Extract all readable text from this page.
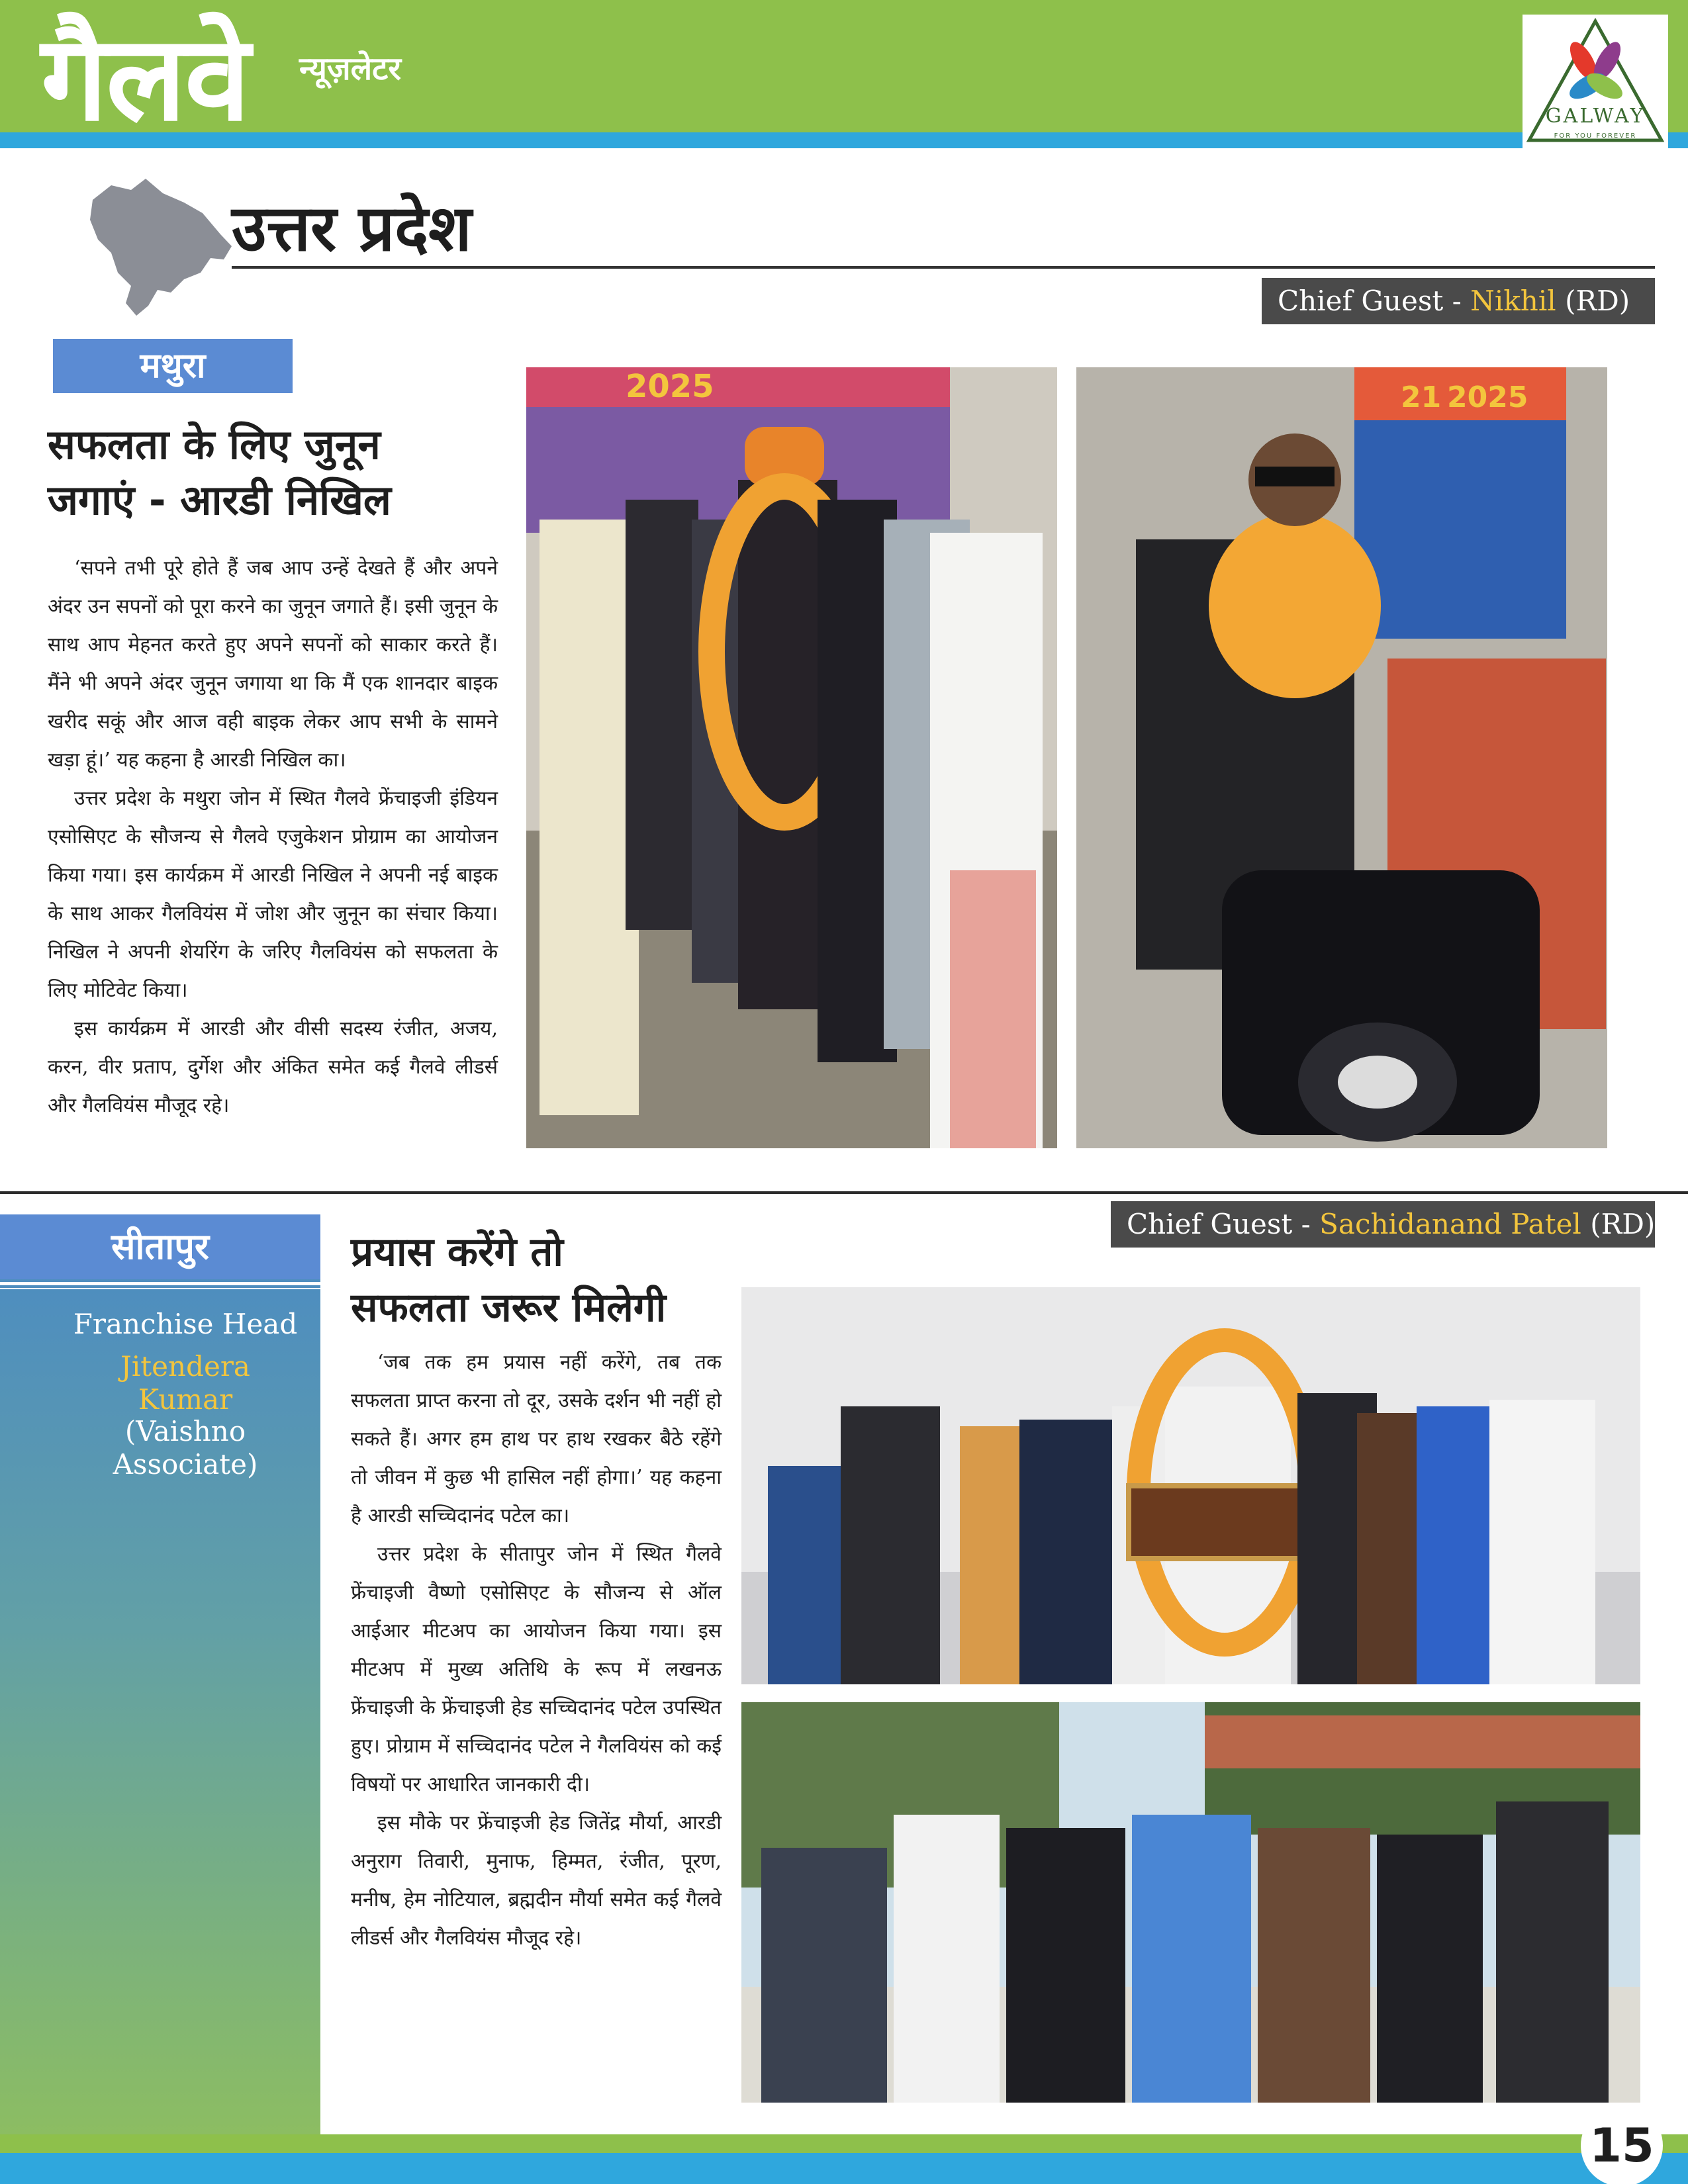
गैलवे न्यूज़लेटर
GALWAY
FOR YOU FOREVER
उत्तर प्रदेश
Chief Guest - Nikhil (RD)
मथुरा
सफलता के लिए जुनून
जगाएं - आरडी निखिल

‘सपने तभी पूरे होते हैं जब आप उन्हें देखते हैं और अपने अंदर उन सपनों को पूरा करने का जुनून जगाते हैं। इसी जुनून के साथ आप मेहनत करते हुए अपने सपनों को साकार करते हैं। मैंने भी अपने अंदर जुनून जगाया था कि मैं एक शानदार बाइक खरीद सकूं और आज वही बाइक लेकर आप सभी के सामने खड़ा हूं।’ यह कहना है आरडी निखिल का।

उत्तर प्रदेश के मथुरा जोन में स्थित गैलवे फ्रेंचाइजी इंडियन एसोसिएट के सौजन्य से गैलवे एजुकेशन प्रोग्राम का आयोजन किया गया। इस कार्यक्रम में आरडी निखिल ने अपनी नई बाइक के साथ आकर गैलवियंस में जोश और जुनून का संचार किया। निखिल ने अपनी शेयरिंग के जरिए गैलवियंस को सफलता के लिए मोटिवेट किया।

इस कार्यक्रम में आरडी और वीसी सदस्य रंजीत, अजय, करन, वीर प्रताप, दुर्गेश और अंकित समेत कई गैलवे लीडर्स और गैलवियंस मौजूद रहे।

2025	21 2025
सीतापुर
Franchise Head
Jitendera
Kumar
(Vaishno
Associate)
Chief Guest - Sachidanand Patel (RD)
प्रयास करेंगे तो
सफलता जरूर मिलेगी

‘जब तक हम प्रयास नहीं करेंगे, तब तक सफलता प्राप्त करना तो दूर, उसके दर्शन भी नहीं हो सकते हैं। अगर हम हाथ पर हाथ रखकर बैठे रहेंगे तो जीवन में कुछ भी हासिल नहीं होगा।’ यह कहना है आरडी सच्चिदानंद पटेल का।

उत्तर प्रदेश के सीतापुर जोन में स्थित गैलवे फ्रेंचाइजी वैष्णो एसोसिएट के सौजन्य से ऑल आईआर मीटअप का आयोजन किया गया। इस मीटअप में मुख्य अतिथि के रूप में लखनऊ फ्रेंचाइजी के फ्रेंचाइजी हेड सच्चिदानंद पटेल उपस्थित हुए। प्रोग्राम में सच्चिदानंद पटेल ने गैलवियंस को कई विषयों पर आधारित जानकारी दी।

इस मौके पर फ्रेंचाइजी हेड जितेंद्र मौर्या, आरडी अनुराग तिवारी, मुनाफ, हिम्मत, रंजीत, पूरण, मनीष, हेम नोटियाल, ब्रह्मदीन मौर्या समेत कई गैलवे लीडर्स और गैलवियंस मौजूद रहे।

15
